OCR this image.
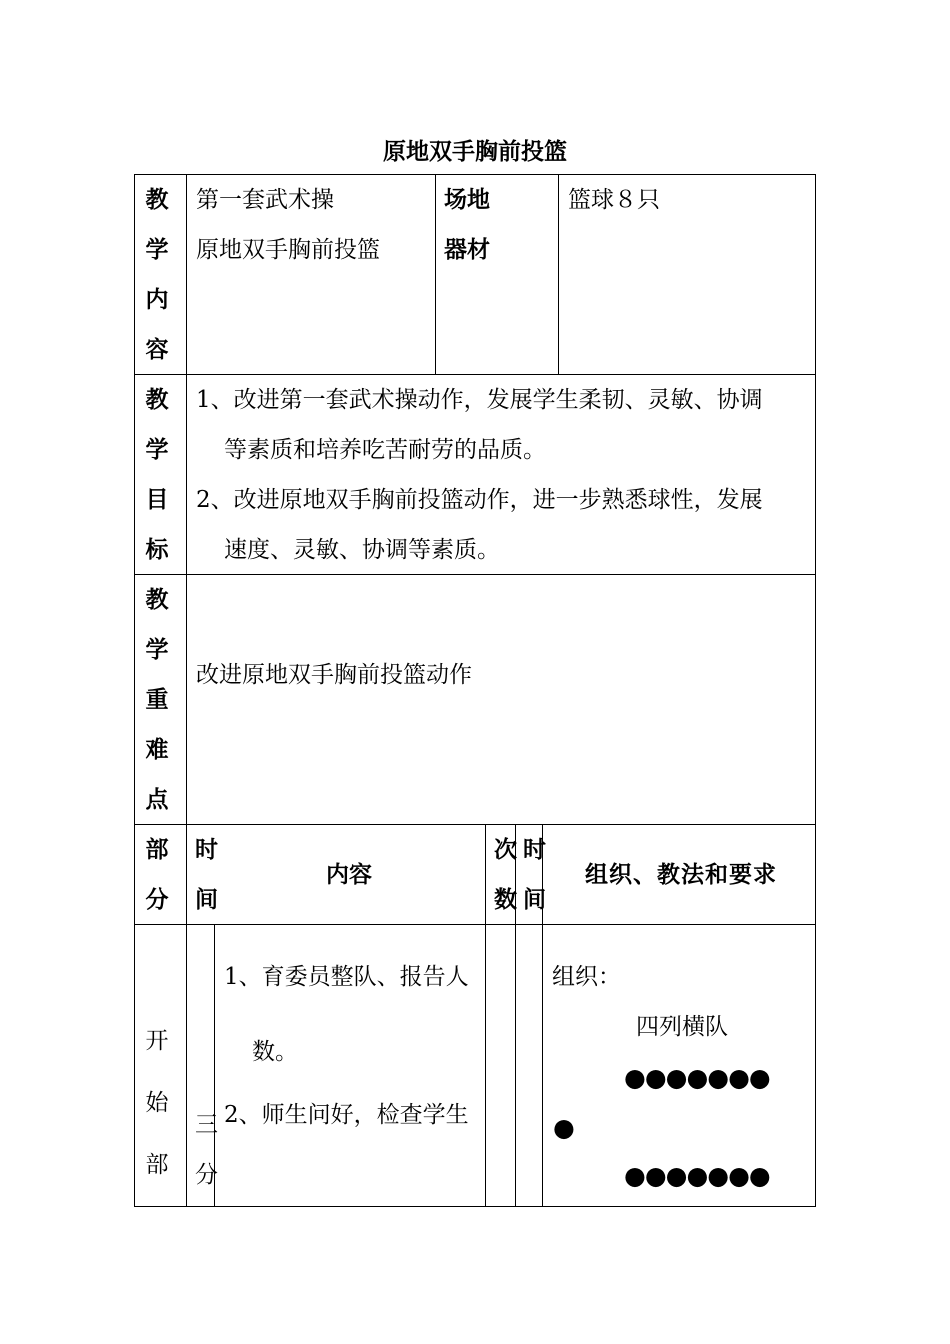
原地双手胸前投篮
教
学
内
容
第一套武术操
原地双手胸前投篮
场地
器材
篮球８只
教
学
目
标
1、改进第一套武术操动作，发展学生柔韧、灵敏、协调
等素质和培养吃苦耐劳的品质。
2、改进原地双手胸前投篮动作，进一步熟悉球性，发展
速度、灵敏、协调等素质。
教
学
重
难
点
改进原地双手胸前投篮动作
部
分
时
间
内容
次
数
时
间
组织、教法和要求
开
始
部
三
分
1、育委员整队、报告人
数。
2、师生问好，检查学生
组织：
四列横队
●●●●●●●
●
●●●●●●●
